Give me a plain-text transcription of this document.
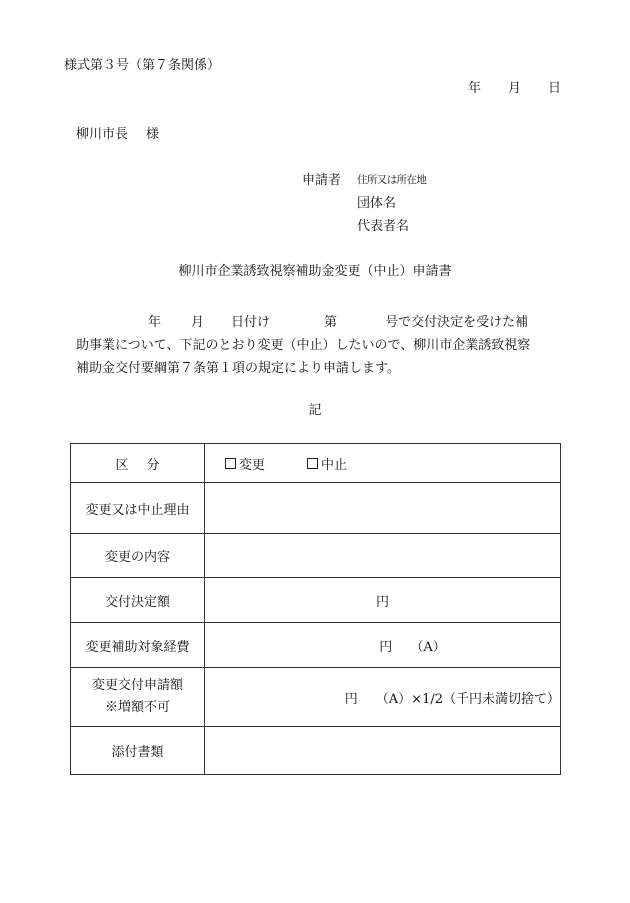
様式第３号（第７条関係）
年 月 日
柳川市長 様
申請者 住所又は所在地
団体名
代表者名
柳川市企業誘致視察補助金変更（中止）申請書
年 月 日付け	第	号で交付決定を受けた補
助事業について、下記のとおり変更（中止）したいので、柳川市企業誘致視察
補助金交付要綱第７条第１項の規定により申請します。
記
区 分	変更 中止

変更又は中止理由	
変更の内容	
交付決定額	円
変更補助対象経費	円 （A）

変更交付申請額
※増額不可	円 （A）×1/2（千円未満切捨て）
添付書類	
